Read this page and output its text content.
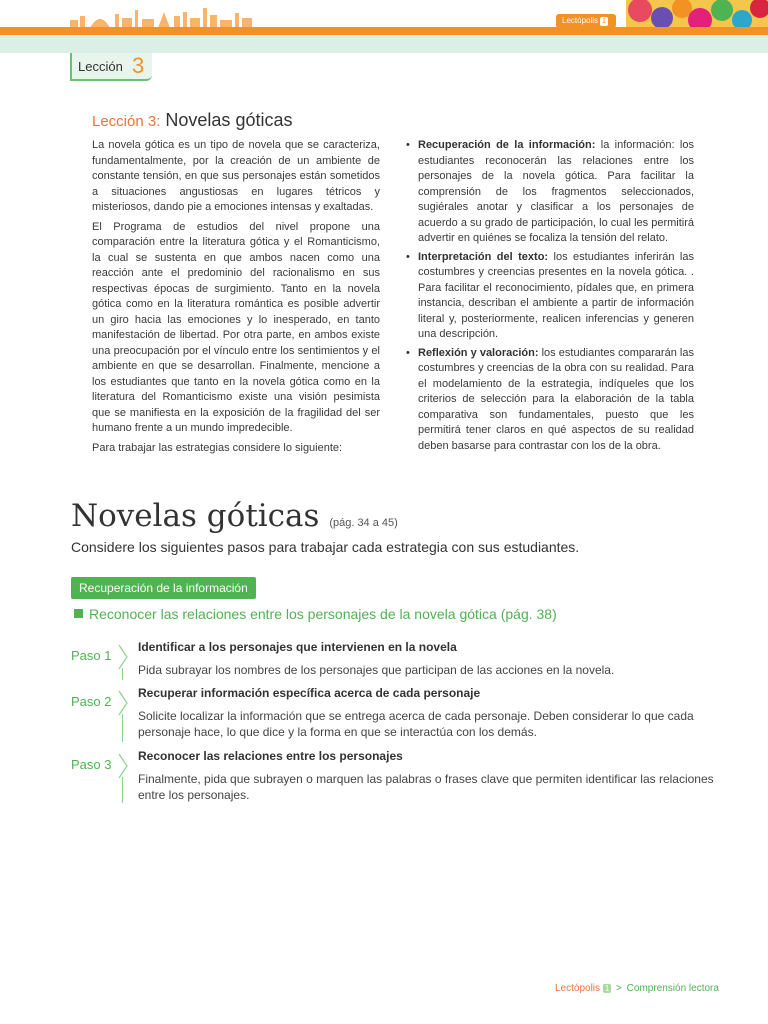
Lectópolis 1
Lección 3
Lección 3: Novelas góticas

La novela gótica es un tipo de novela que se caracteriza, fundamentalmente, por la creación de un ambiente de constante tensión, en que sus personajes están sometidos a situaciones angustiosas en lugares tétricos y misteriosos, dando pie a emociones intensas y exaltadas.

El Programa de estudios del nivel propone una comparación entre la literatura gótica y el Romanticismo, la cual se sustenta en que ambos nacen como una reacción ante el predominio del racionalismo en sus respectivas épocas de surgimiento. Tanto en la novela gótica como en la literatura romántica es posible advertir un giro hacia las emociones y lo inesperado, en tanto manifestación de libertad. Por otra parte, en ambos existe una preocupación por el vínculo entre los sentimientos y el ambiente en que se desarrollan. Finalmente, mencione a los estudiantes que tanto en la novela gótica como en la literatura del Romanticismo existe una visión pesimista que se manifiesta en la exposición de la fragilidad del ser humano frente a un mundo impredecible.

Para trabajar las estrategias considere lo siguiente:

• Recuperación de la información: la información: los estudiantes reconocerán las relaciones entre los personajes de la novela gótica. Para facilitar la comprensión de los fragmentos seleccionados, sugiérales anotar y clasificar a los personajes de acuerdo a su grado de participación, lo cual les permitirá advertir en quiénes se focaliza la tensión del relato.
• Interpretación del texto: los estudiantes inferirán las costumbres y creencias presentes en la novela gótica. . Para facilitar el reconocimiento, pídales que, en primera instancia, describan el ambiente a partir de información literal y, posteriormente, realicen inferencias y generen una descripción.
• Reflexión y valoración: los estudiantes compararán las costumbres y creencias de la obra con su realidad. Para el modelamiento de la estrategia, indíqueles que los criterios de selección para la elaboración de la tabla comparativa son fundamentales, puesto que les permitirá tener claros en qué aspectos de su realidad deben basarse para contrastar con los de la obra.
Novelas góticas (pág. 34 a 45)
Considere los siguientes pasos para trabajar cada estrategia con sus estudiantes.
Recuperación de la información
Reconocer las relaciones entre los personajes de la novela gótica (pág. 38)
Paso 1
Identificar a los personajes que intervienen en la novela
Pida subrayar los nombres de los personajes que participan de las acciones en la novela.
Paso 2
Recuperar información específica acerca de cada personaje
Solicite localizar la información que se entrega acerca de cada personaje. Deben considerar lo que cada personaje hace, lo que dice y la forma en que se interactúa con los demás.
Paso 3
Reconocer las relaciones entre los personajes
Finalmente, pida que subrayen o marquen las palabras o frases clave que permiten identificar las relaciones entre los personajes.
Lectópolis 1 > Comprensión lectora
